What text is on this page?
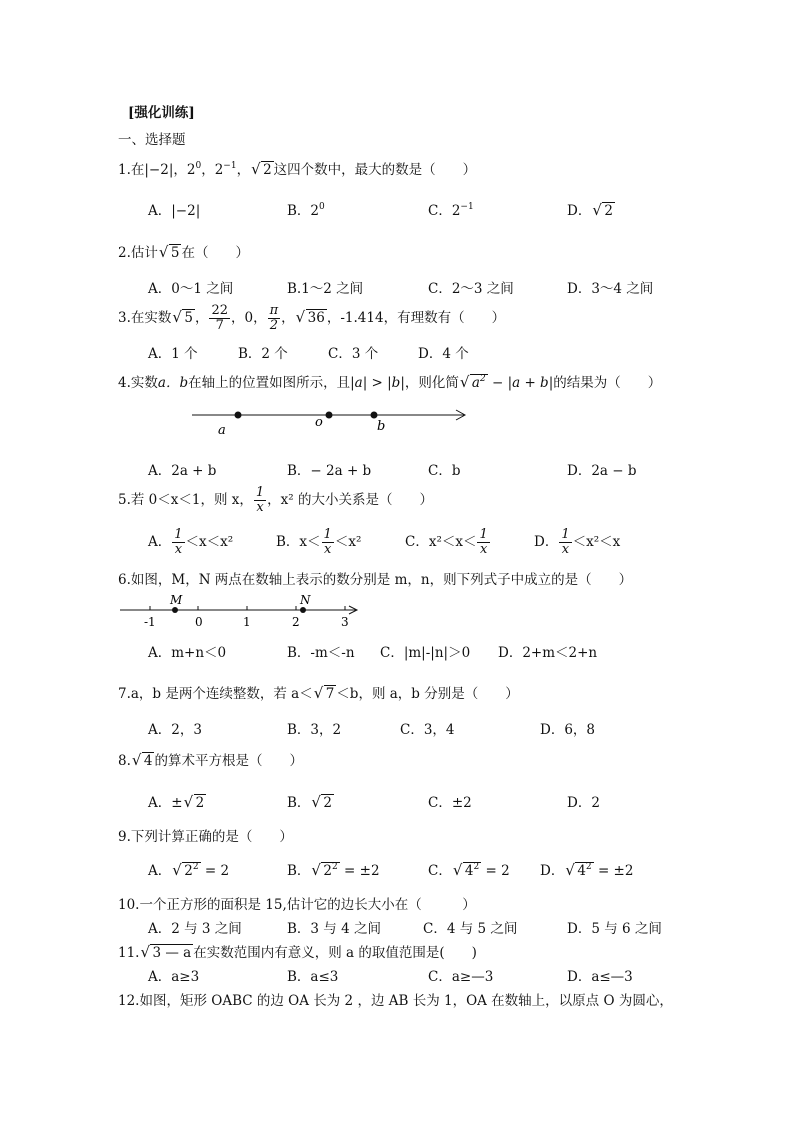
[强化训练]
一、选择题
1.在|−2|，$2^0$，$2^{-1}$， √ 2 这四个数中，最大的数是（　　）
A．|−2|	B．$2^0$	C．$2^{-1}$	D． √ 2
2.估计 √ 5 在（　　）
A．0～1 之间	B.1～2 之间	C．2～3 之间	D．3～4 之间
3.在实数 √ 5 ， $\frac{22}{7}$ ，0， $\frac{\pi}{2}$ ， √ 36 ，-1.414，有理数有（　　）
A．1 个	B．2 个	C．3 个	D．4 个
4.实数a．b在轴上的位置如图所示，且|a| > |b|，则化简 √ $a^2 - |a + b|$的结果为（　　）
a
o	b
A．2a + b	B．− 2a + b	C．b	D．2a − b
5.若 0＜x＜1，则 x， $\frac{1}{x}$ ，x² 的大小关系是（　　）
A． $\frac{1}{x} <x<x^2$	B．$x< \frac{1}{x} <x^2$	C．$x^2<x< \frac{1}{x}$	D． $\frac{1}{x} <x^2<x$
6.如图，M，N 两点在数轴上表示的数分别是 m，n，则下列式子中成立的是（　　）
M	N
-1	0	1	2	3
A．m+n＜0	B．-m＜-n C．|m|-|n|＞0 D．2+m＜2+n
7.a，b 是两个连续整数，若 a＜ √ 7 ＜b，则 a，b 分别是（　　）
A．2，3	B．3，2	C．3，4	D．6，8
8. √ 4 的算术平方根是（　　）
A．± √ 2	B． √ 2	C．±2	D．2
9.下列计算正确的是（　　）
A． √ $2^2 = 2$	B． √ $2^2 = \pm 2$	C． √ $4^2 = 2$ D． √ $4^2 = \pm 2$
10.一个正方形的面积是 15,估计它的边长大小在（　　　）
A．2 与 3 之间	B．3 与 4 之间	C．4 与 5 之间	D．5 与 6 之间
11. √ 3 — a 在实数范围内有意义，则 a 的取值范围是(　　)
A．a≥3	B．a≤3	C．a≥—3	D．a≤—3
12.如图，矩形 OABC 的边 OA 长为 2 ，边 AB 长为 1，OA 在数轴上，以原点 O 为圆心，
